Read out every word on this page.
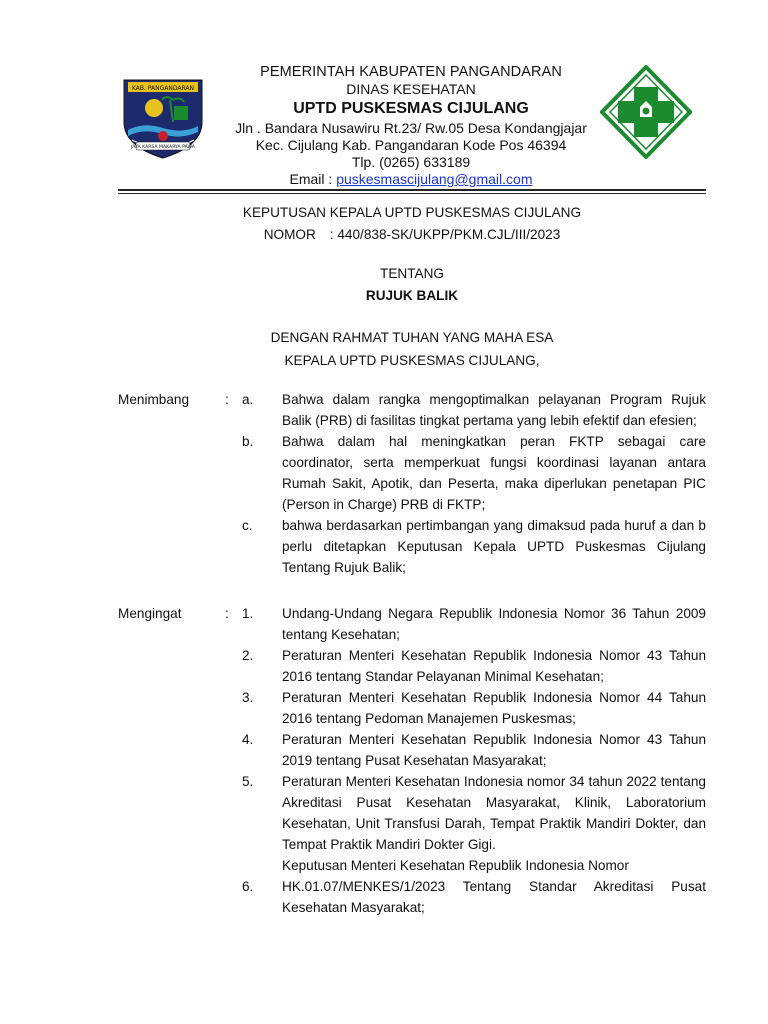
KAB. PANGANDARAN
JAYA KARSA MAKARYA PAWA
PEMERINTAH KABUPATEN PANGANDARAN
DINAS KESEHATAN
UPTD PUSKESMAS CIJULANG
Jln . Bandara Nusawiru Rt.23/ Rw.05 Desa Kondangjajar
Kec. Cijulang Kab. Pangandaran Kode Pos 46394
Tlp. (0265) 633189
Email : puskesmascijulang@gmail.com
KEPUTUSAN KEPALA UPTD PUSKESMAS CIJULANG
NOMOR : 440/838-SK/UKPP/PKM.CJL/III/2023
TENTANG
RUJUK BALIK
DENGAN RAHMAT TUHAN YANG MAHA ESA
KEPALA UPTD PUSKESMAS CIJULANG,
Menimbang	: a. Bahwa dalam rangka mengoptimalkan pelayanan Program Rujuk Balik (PRB) di fasilitas tingkat pertama yang lebih efektif dan efesien;
b. Bahwa dalam hal meningkatkan peran FKTP sebagai care coordinator, serta memperkuat fungsi koordinasi layanan antara Rumah Sakit, Apotik, dan Peserta, maka diperlukan penetapan PIC (Person in Charge) PRB di FKTP;
c. bahwa berdasarkan pertimbangan yang dimaksud pada huruf a dan b perlu ditetapkan Keputusan Kepala UPTD Puskesmas Cijulang Tentang Rujuk Balik;
Mengingat	: 1. Undang-Undang Negara Republik Indonesia Nomor 36 Tahun 2009 tentang Kesehatan;
2. Peraturan Menteri Kesehatan Republik Indonesia Nomor 43 Tahun 2016 tentang Standar Pelayanan Minimal Kesehatan;
3. Peraturan Menteri Kesehatan Republik Indonesia Nomor 44 Tahun 2016 tentang Pedoman Manajemen Puskesmas;
4. Peraturan Menteri Kesehatan Republik Indonesia Nomor 43 Tahun 2019 tentang Pusat Kesehatan Masyarakat;
5. Peraturan Menteri Kesehatan Indonesia nomor 34 tahun 2022 tentang Akreditasi Pusat Kesehatan Masyarakat, Klinik, Laboratorium Kesehatan, Unit Transfusi Darah, Tempat Praktik Mandiri Dokter, dan Tempat Praktik Mandiri Dokter Gigi.
Keputusan Menteri Kesehatan Republik Indonesia Nomor
6. HK.01.07/MENKES/1/2023 Tentang Standar Akreditasi Pusat Kesehatan Masyarakat;
